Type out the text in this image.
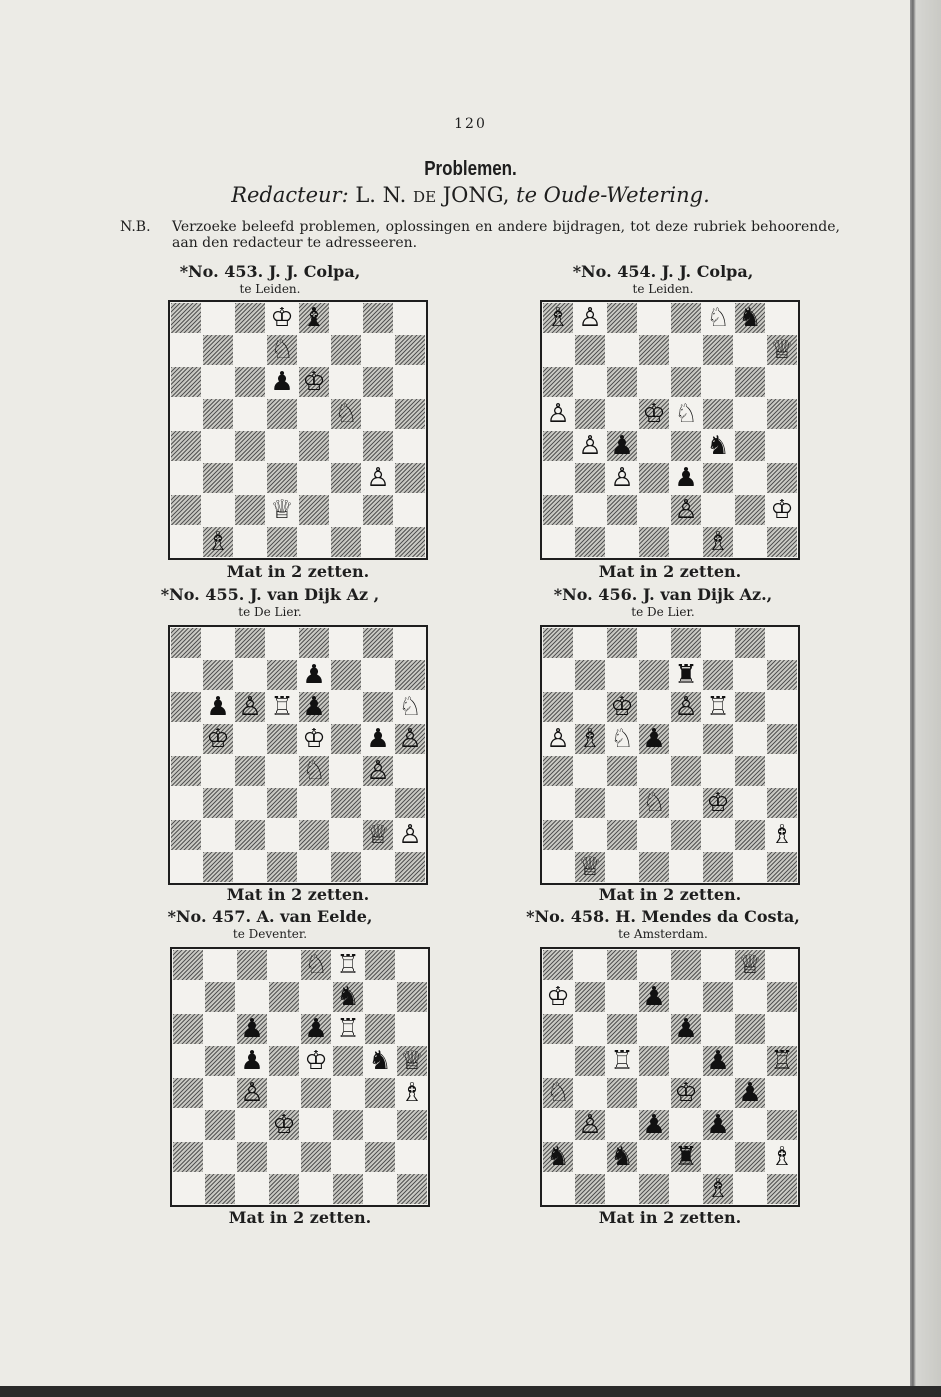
120
Problemen.
Redacteur: L. N. de JONG, te Oude-Wetering.
N.B. Verzoeke beleefd problemen, oplossingen en andere bijdragen, tot deze rubriek behoorende, aan den redacteur te adresseeren.
*No. 453. J. J. Colpa,
te Leiden.
♔ ♝
♘
♟ ♔
♘
♙
♕
♗
Mat in 2 zetten.
*No. 454. J. J. Colpa,
te Leiden.
♗ ♙	♘ ♞
♕
♙	♔ ♘
♙ ♟	♞
♙ ♟
♙	♔
♗
Mat in 2 zetten.
*No. 455. J. van Dijk Az ,
te De Lier.
♟
♟ ♙ ♖ ♟	♘
♔	♔ ♟ ♙
♘ ♙
♕ ♙
Mat in 2 zetten.
*No. 456. J. van Dijk Az.,
te De Lier.
♜
♔ ♙ ♖
♙ ♗ ♘ ♟
♘ ♔
♗
♕
Mat in 2 zetten.
*No. 457. A. van Eelde,
te Deventer.
♘ ♖
♞
♟ ♟ ♖
♟ ♔ ♞ ♕
♙	♗
♔
Mat in 2 zetten.
*No. 458. H. Mendes da Costa,
te Amsterdam.
♕
♔	♟
♟
♖	♟ ♖
♘	♔ ♟
♙ ♟ ♟
♞ ♞ ♜	♗
♗
Mat in 2 zetten.
